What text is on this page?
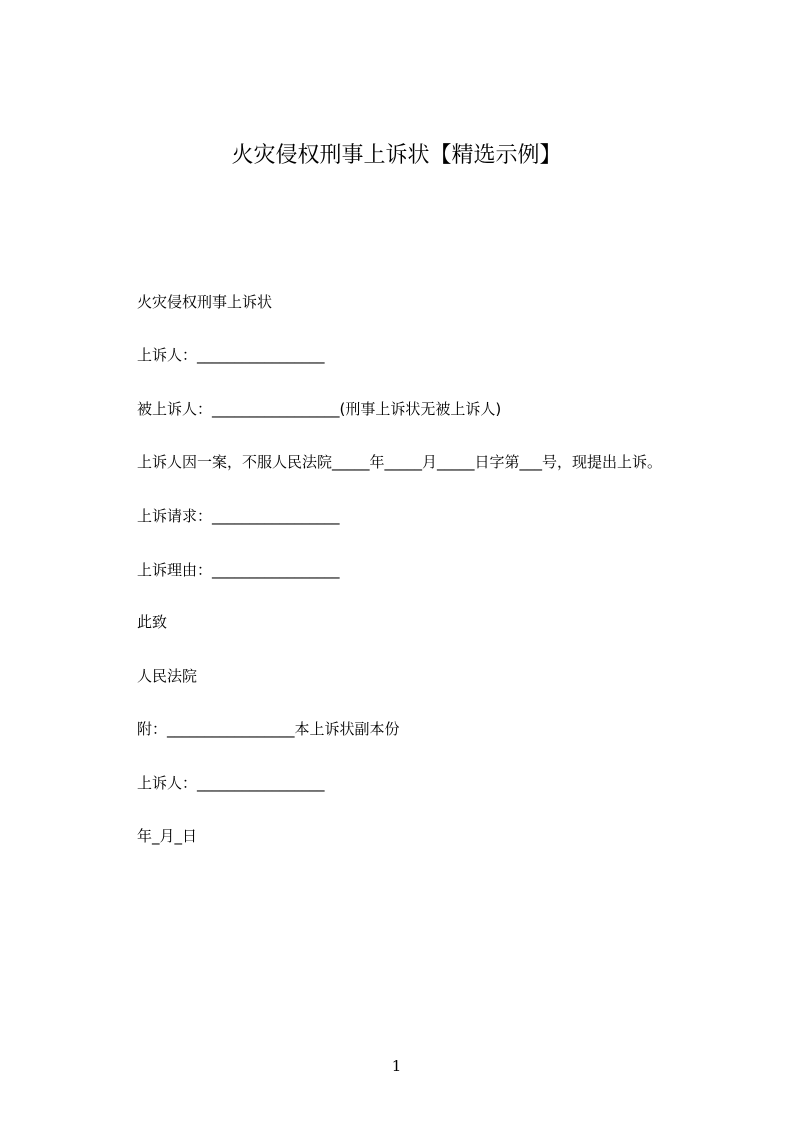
火灾侵权刑事上诉状【精选示例】

火灾侵权刑事上诉状

上诉人：_________________

被上诉人：_________________(刑事上诉状无被上诉人)

上诉人因一案，不服人民法院_____年_____月_____日字第___号，现提出上诉。

上诉请求：_________________

上诉理由：_________________

此致

人民法院

附：_________________本上诉状副本份

上诉人：_________________

年_月_日

1
